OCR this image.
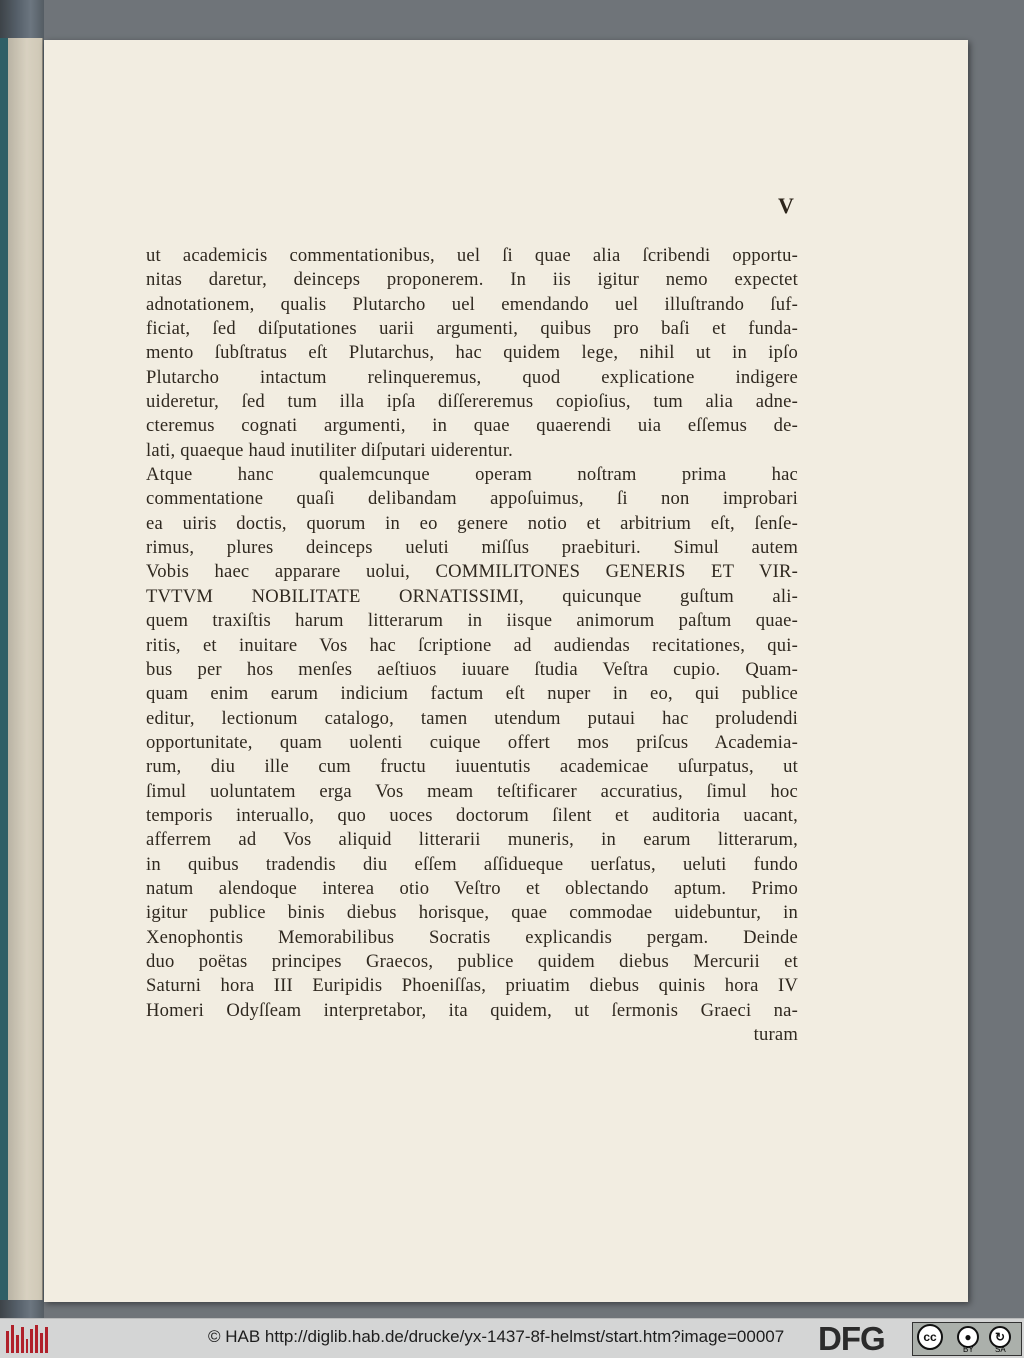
V
ut academicis commentationibus, uel ſi quae alia ſcribendi opportu-
nitas daretur, deinceps proponerem. In iis igitur nemo expectet
adnotationem, qualis Plutarcho uel emendando uel illuſtrando ſuf-
ficiat, ſed diſputationes uarii argumenti, quibus pro baſi et funda-
mento ſubſtratus eſt Plutarchus, hac quidem lege, nihil ut in ipſo
Plutarcho intactum relinqueremus, quod explicatione indigere
uideretur, ſed tum illa ipſa diſſereremus copioſius, tum alia adne-
cteremus cognati argumenti, in quae quaerendi uia eſſemus de-
lati, quaeque haud inutiliter diſputari uiderentur.
Atque hanc qualemcunque operam noſtram prima hac
commentatione quaſi delibandam appoſuimus, ſi non improbari
ea uiris doctis, quorum in eo genere notio et arbitrium eſt, ſenſe-
rimus, plures deinceps ueluti miſſus praebituri. Simul autem
Vobis haec apparare uolui, COMMILITONES GENERIS ET VIR-
TVTVM NOBILITATE ORNATISSIMI, quicunque guſtum ali-
quem traxiſtis harum litterarum in iisque animorum paſtum quae-
ritis, et inuitare Vos hac ſcriptione ad audiendas recitationes, qui-
bus per hos menſes aeſtiuos iuuare ſtudia Veſtra cupio. Quam-
quam enim earum indicium factum eſt nuper in eo, qui publice
editur, lectionum catalogo, tamen utendum putaui hac proludendi
opportunitate, quam uolenti cuique offert mos priſcus Academia-
rum, diu ille cum fructu iuuentutis academicae uſurpatus, ut
ſimul uoluntatem erga Vos meam teſtificarer accuratius, ſimul hoc
temporis interuallo, quo uoces doctorum ſilent et auditoria uacant,
afferrem ad Vos aliquid litterarii muneris, in earum litterarum,
in quibus tradendis diu eſſem aſſidueque uerſatus, ueluti fundo
natum alendoque interea otio Veſtro et oblectando aptum. Primo
igitur publice binis diebus horisque, quae commodae uidebuntur, in
Xenophontis Memorabilibus Socratis explicandis pergam. Deinde
duo poëtas principes Graecos, publice quidem diebus Mercurii et
Saturni hora III Euripidis Phoeniſſas, priuatim diebus quinis hora IV
Homeri Odyſſeam interpretabor, ita quidem, ut ſermonis Graeci na-
turam
© HAB http://diglib.hab.de/drucke/yx-1437-8f-helmst/start.htm?image=00007 DFG	cc	●	↻
BY	SA
